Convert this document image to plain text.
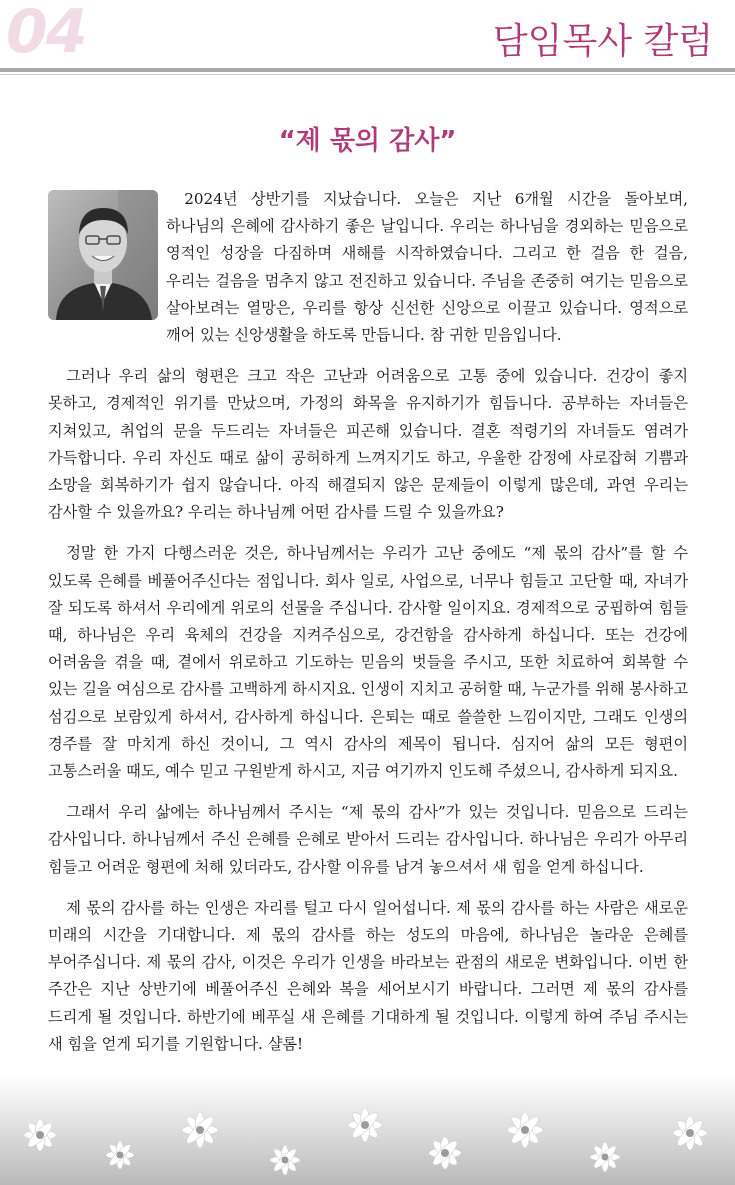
04	담임목사 칼럼
“제 몫의 감사”

2024년 상반기를 지났습니다. 오늘은 지난 6개월 시간을 돌아보며, 하나님의 은혜에 감사하기 좋은 날입니다. 우리는 하나님을 경외하는 믿음으로 영적인 성장을 다짐하며 새해를 시작하였습니다. 그리고 한 걸음 한 걸음, 우리는 걸음을 멈추지 않고 전진하고 있습니다. 주님을 존중히 여기는 믿음으로 살아보려는 열망은, 우리를 항상 신선한 신앙으로 이끌고 있습니다. 영적으로 깨어 있는 신앙생활을 하도록 만듭니다. 참 귀한 믿음입니다.

그러나 우리 삶의 형편은 크고 작은 고난과 어려움으로 고통 중에 있습니다. 건강이 좋지 못하고, 경제적인 위기를 만났으며, 가정의 화목을 유지하기가 힘듭니다. 공부하는 자녀들은 지쳐있고, 취업의 문을 두드리는 자녀들은 피곤해 있습니다. 결혼 적령기의 자녀들도 염려가 가득합니다. 우리 자신도 때로 삶이 공허하게 느껴지기도 하고, 우울한 감정에 사로잡혀 기쁨과 소망을 회복하기가 쉽지 않습니다. 아직 해결되지 않은 문제들이 이렇게 많은데, 과연 우리는 감사할 수 있을까요? 우리는 하나님께 어떤 감사를 드릴 수 있을까요?

정말 한 가지 다행스러운 것은, 하나님께서는 우리가 고난 중에도 “제 몫의 감사”를 할 수 있도록 은혜를 베풀어주신다는 점입니다. 회사 일로, 사업으로, 너무나 힘들고 고단할 때, 자녀가 잘 되도록 하셔서 우리에게 위로의 선물을 주십니다. 감사할 일이지요. 경제적으로 궁핍하여 힘들 때, 하나님은 우리 육체의 건강을 지켜주심으로, 강건함을 감사하게 하십니다. 또는 건강에 어려움을 겪을 때, 곁에서 위로하고 기도하는 믿음의 벗들을 주시고, 또한 치료하여 회복할 수 있는 길을 여심으로 감사를 고백하게 하시지요. 인생이 지치고 공허할 때, 누군가를 위해 봉사하고 섬김으로 보람있게 하셔서, 감사하게 하십니다. 은퇴는 때로 쓸쓸한 느낌이지만, 그래도 인생의 경주를 잘 마치게 하신 것이니, 그 역시 감사의 제목이 됩니다. 심지어 삶의 모든 형편이 고통스러울 때도, 예수 믿고 구원받게 하시고, 지금 여기까지 인도해 주셨으니, 감사하게 되지요.

그래서 우리 삶에는 하나님께서 주시는 “제 몫의 감사”가 있는 것입니다. 믿음으로 드리는 감사입니다. 하나님께서 주신 은혜를 은혜로 받아서 드리는 감사입니다. 하나님은 우리가 아무리 힘들고 어려운 형편에 처해 있더라도, 감사할 이유를 남겨 놓으셔서 새 힘을 얻게 하십니다.

제 몫의 감사를 하는 인생은 자리를 털고 다시 일어섭니다. 제 몫의 감사를 하는 사람은 새로운 미래의 시간을 기대합니다. 제 몫의 감사를 하는 성도의 마음에, 하나님은 놀라운 은혜를 부어주십니다. 제 몫의 감사, 이것은 우리가 인생을 바라보는 관점의 새로운 변화입니다. 이번 한 주간은 지난 상반기에 베풀어주신 은혜와 복을 세어보시기 바랍니다. 그러면 제 몫의 감사를 드리게 될 것입니다. 하반기에 베푸실 새 은혜를 기대하게 될 것입니다. 이렇게 하여 주님 주시는 새 힘을 얻게 되기를 기원합니다. 샬롬!
